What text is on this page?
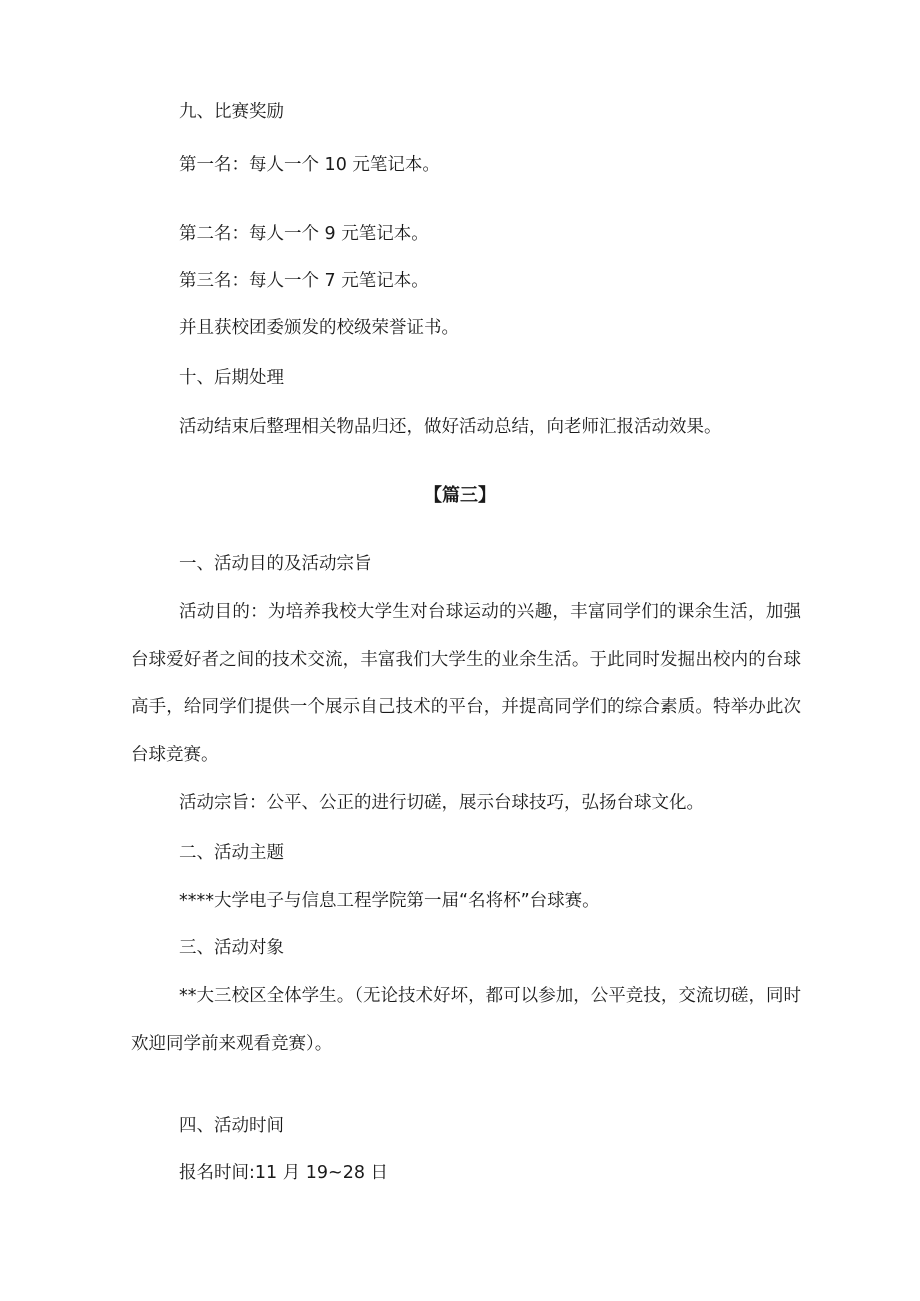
九、比赛奖励

第一名：每人一个 10 元笔记本。

第二名：每人一个 9 元笔记本。

第三名：每人一个 7 元笔记本。

并且获校团委颁发的校级荣誉证书。

十、后期处理

活动结束后整理相关物品归还，做好活动总结，向老师汇报活动效果。

【篇三】

一、活动目的及活动宗旨

活动目的：为培养我校大学生对台球运动的兴趣，丰富同学们的课余生活，加强台球爱好者之间的技术交流，丰富我们大学生的业余生活。于此同时发掘出校内的台球高手，给同学们提供一个展示自己技术的平台，并提高同学们的综合素质。特举办此次台球竞赛。

活动宗旨：公平、公正的进行切磋，展示台球技巧，弘扬台球文化。

二、活动主题

****大学电子与信息工程学院第一届“名将杯”台球赛。

三、活动对象

**大三校区全体学生。（无论技术好坏，都可以参加，公平竞技，交流切磋，同时欢迎同学前来观看竞赛）。

四、活动时间

报名时间:11 月 19~28 日
